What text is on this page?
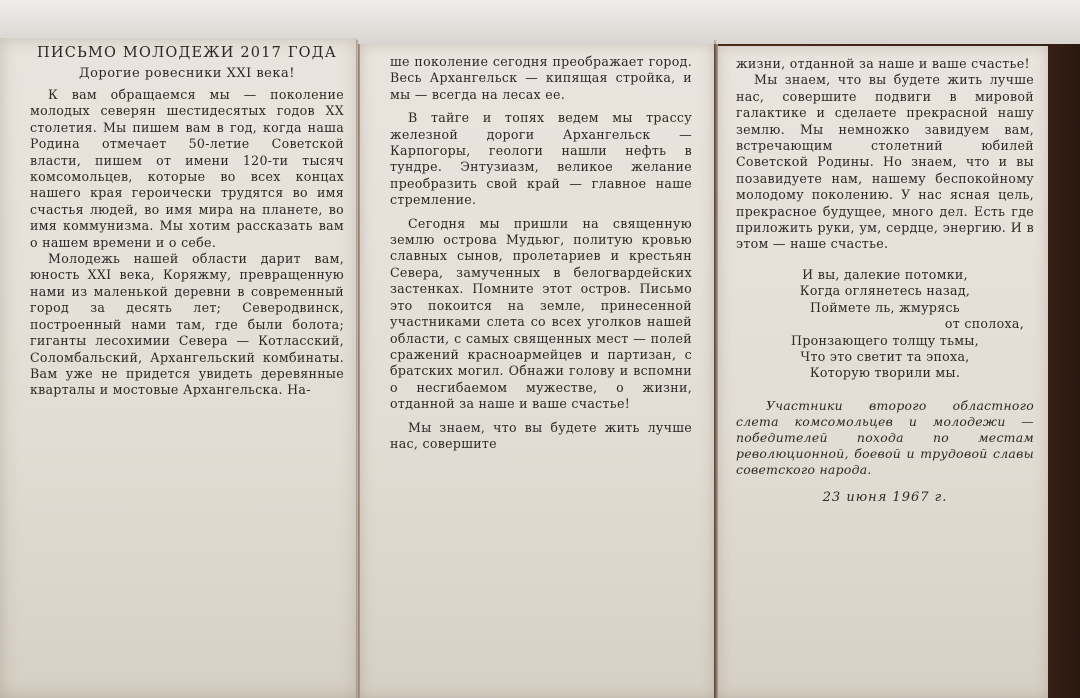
ПИСЬМО МОЛОДЕЖИ 2017 ГОДА

Дорогие ровесники XXI века!

К вам обращаемся мы — поколение молодых северян шестидесятых годов XX столетия. Мы пишем вам в год, когда наша Родина отмечает 50-летие Советской власти, пишем от имени 120-ти тысяч комсомольцев, которые во всех концах нашего края героически трудятся во имя счастья людей, во имя мира на планете, во имя коммунизма. Мы хотим рассказать вам о нашем времени и о себе.

Молодежь нашей области дарит вам, юность XXI века, Коряжму, превращенную нами из маленькой деревни в современный город за десять лет; Северодвинск, построенный нами там, где были болота; гиганты лесохимии Севера — Котласский, Соломбальский, Архангельский комбинаты. Вам уже не придется увидеть деревянные кварталы и мостовые Архангельска. На-

ше поколение сегодня преображает город. Весь Архангельск — кипящая стройка, и мы — всегда на лесах ее.

В тайге и топях ведем мы трассу железной дороги Архангельск — Карпогоры, геологи нашли нефть в тундре. Энтузиазм, великое желание преобразить свой край — главное наше стремление.

Сегодня мы пришли на священную землю острова Мудьюг, политую кровью славных сынов, пролетариев и крестьян Севера, замученных в белогвардейских застенках. Помните этот остров. Письмо это покоится на земле, принесенной участниками слета со всех уголков нашей области, с самых священных мест — полей сражений красноармейцев и партизан, с братских могил. Обнажи голову и вспомни о несгибаемом мужестве, о жизни, отданной за наше и ваше счастье!

Мы знаем, что вы будете жить лучше нас, совершите

жизни, отданной за наше и ваше счастье!

Мы знаем, что вы будете жить лучше нас, совершите подвиги в мировой галактике и сделаете прекрасной нашу землю. Мы немножко завидуем вам, встречающим столетний юбилей Советской Родины. Но знаем, что и вы позавидуете нам, нашему беспокойному молодому поколению. У нас ясная цель, прекрасное будущее, много дел. Есть где приложить руки, ум, сердце, энергию. И в этом — наше счастье.

И вы, далекие потомки,
Когда оглянетесь назад,
Поймете ль, жмурясь
от сполоха,
Пронзающего толщу тьмы,
Что это светит та эпоха,
Которую творили мы.

Участники второго областного слета комсомольцев и молодежи — победителей похода по местам революционной, боевой и трудовой славы советского народа.

23 июня 1967 г.
